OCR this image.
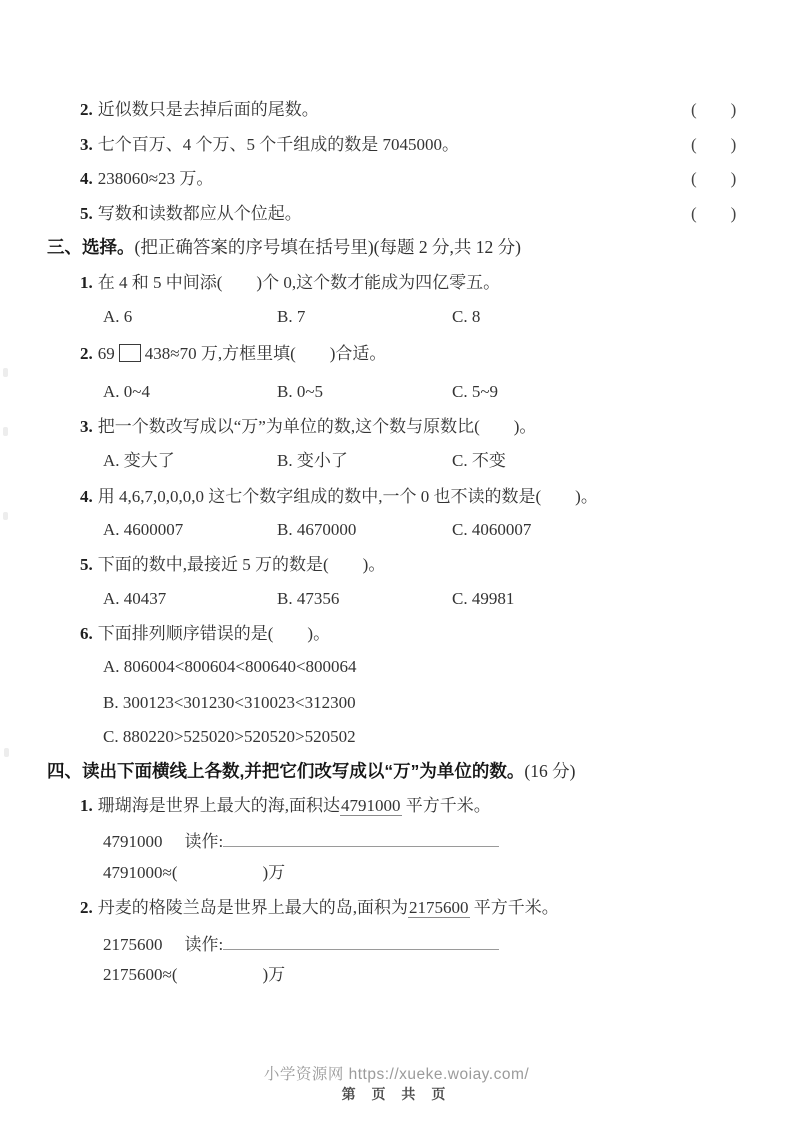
2. 近似数只是去掉后面的尾数。	(　　)
3. 七个百万、4 个万、5 个千组成的数是 7045000。	(　　)
4. 238060≈23 万。	(　　)
5. 写数和读数都应从个位起。	(　　)
三、选择。(把正确答案的序号填在括号里)(每题 2 分,共 12 分)
1. 在 4 和 5 中间添(　　)个 0,这个数才能成为四亿零五。
A. 6	B. 7	C. 8
2. 69 438≈70 万,方框里填(　　)合适。
A. 0~4	B. 0~5	C. 5~9
3. 把一个数改写成以“万”为单位的数,这个数与原数比(　　)。
A. 变大了	B. 变小了	C. 不变
4. 用 4,6,7,0,0,0,0 这七个数字组成的数中,一个 0 也不读的数是(　　)。
A. 4600007	B. 4670000	C. 4060007
5. 下面的数中,最接近 5 万的数是(　　)。
A. 40437	B. 47356	C. 49981
6. 下面排列顺序错误的是(　　)。
A. 806004<800604<800640<800064
B. 300123<301230<310023<312300
C. 880220>525020>520520>520502
四、读出下面横线上各数,并把它们改写成以“万”为单位的数。(16 分)
1. 珊瑚海是世界上最大的海,面积达4791000 平方千米。
4791000 读作:
4791000≈(　　　　　)万
2. 丹麦的格陵兰岛是世界上最大的岛,面积为2175600 平方千米。
2175600 读作:
2175600≈(　　　　　)万
小学资源网 https://xueke.woiay.com/
第 页 共 页
